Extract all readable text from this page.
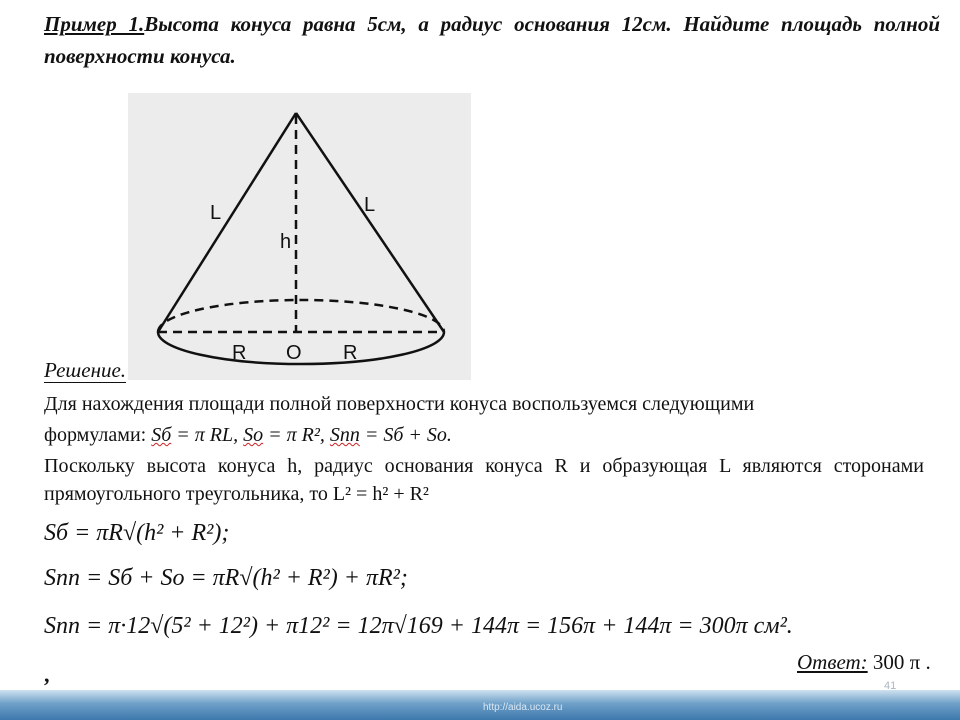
Пример 1.Высота конуса равна 5см, а радиус основания 12см. Найдите площадь полной поверхности конуса.
L	L
h
R O R
Решение.
Для нахождения площади полной поверхности конуса воспользуемся следующими
формулами: Sб = π RL, Sо = π R², Sпп = Sб + Sо.
Поскольку высота конуса h, радиус основания конуса R и образующая L являются сторонами
прямоугольного треугольника, то L² = h² + R²
Sб = πR√(h² + R²);
Sпп = Sб + Sо = πR√(h² + R²) + πR²;
Sпп = π·12√(5² + 12²) + π12² = 12π√169 + 144π = 156π + 144π = 300π см².
Ответ: 300 π .
,
http://aida.ucoz.ru
41
